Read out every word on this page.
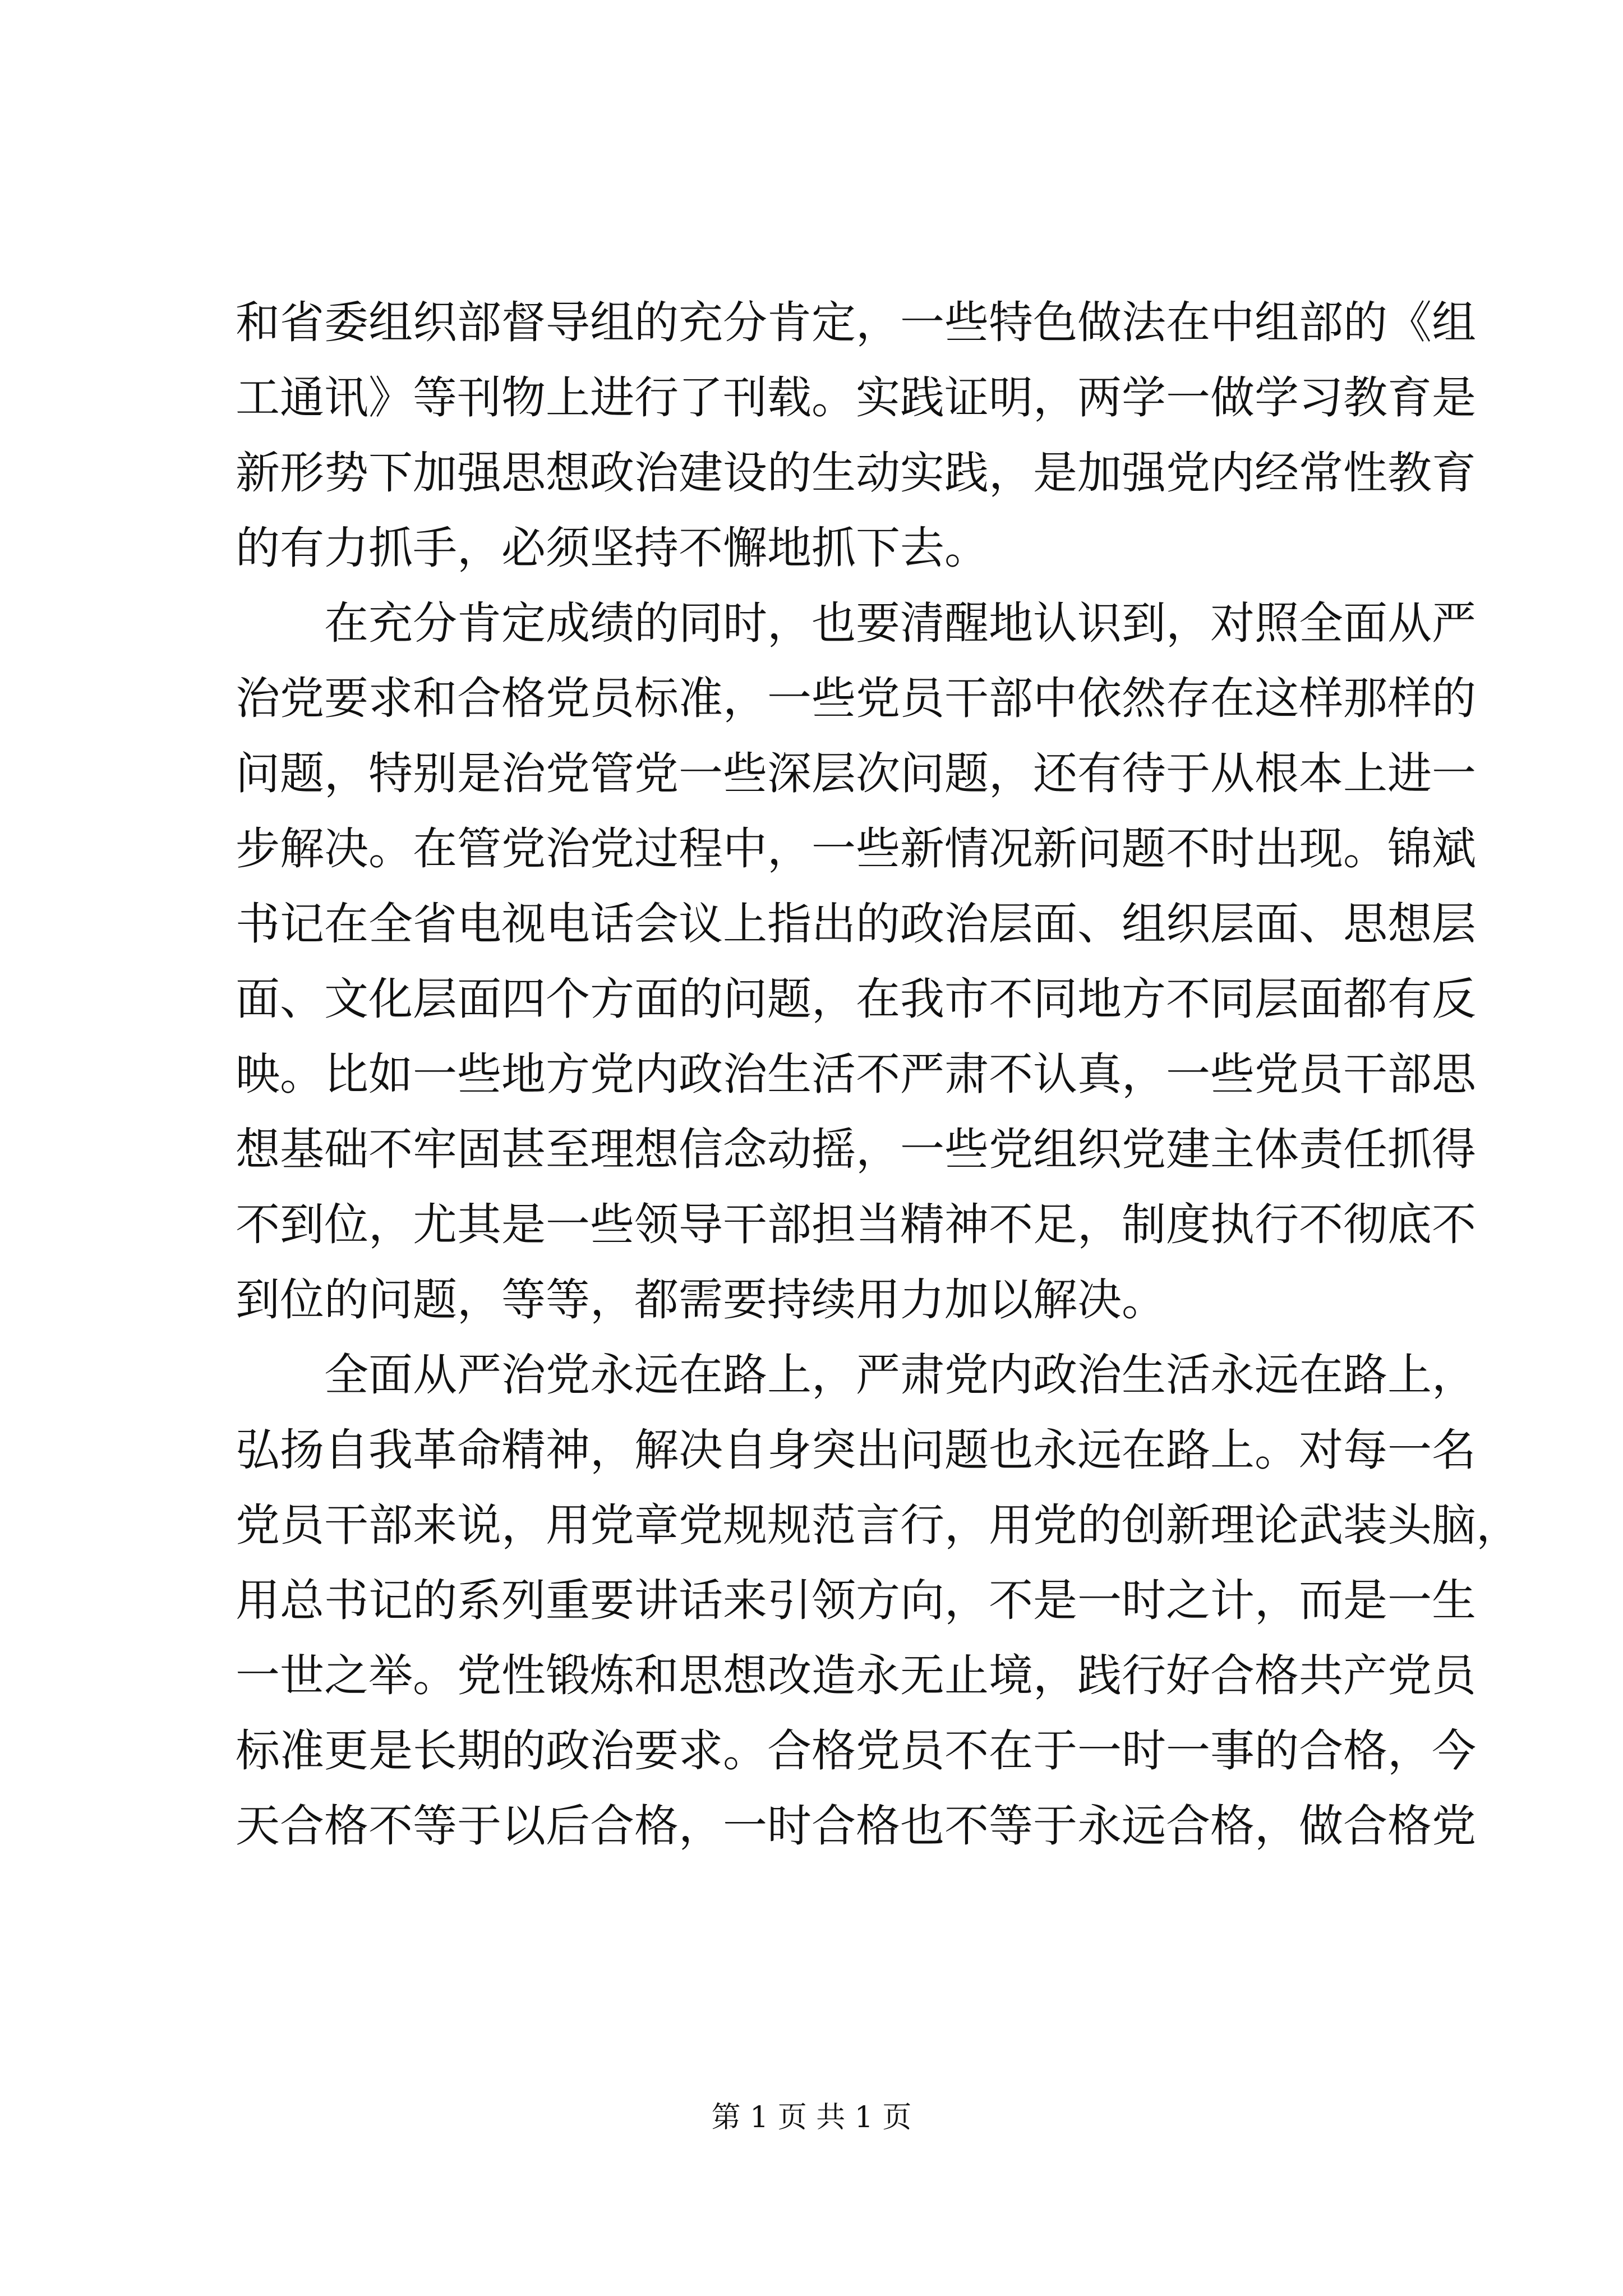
和省委组织部督导组的充分肯定，一些特色做法在中组部的《组
工通讯》等刊物上进行了刊载。实践证明，两学一做学习教育是
新形势下加强思想政治建设的生动实践，是加强党内经常性教育
的有力抓手，必须坚持不懈地抓下去。
在充分肯定成绩的同时，也要清醒地认识到，对照全面从严
治党要求和合格党员标准，一些党员干部中依然存在这样那样的
问题，特别是治党管党一些深层次问题，还有待于从根本上进一
步解决。在管党治党过程中，一些新情况新问题不时出现。锦斌
书记在全省电视电话会议上指出的政治层面、组织层面、思想层
面、文化层面四个方面的问题，在我市不同地方不同层面都有反
映。比如一些地方党内政治生活不严肃不认真，一些党员干部思
想基础不牢固甚至理想信念动摇，一些党组织党建主体责任抓得
不到位，尤其是一些领导干部担当精神不足，制度执行不彻底不
到位的问题，等等，都需要持续用力加以解决。
全面从严治党永远在路上，严肃党内政治生活永远在路上，
弘扬自我革命精神，解决自身突出问题也永远在路上。对每一名
党员干部来说，用党章党规规范言行，用党的创新理论武装头脑，
用总书记的系列重要讲话来引领方向，不是一时之计，而是一生
一世之举。党性锻炼和思想改造永无止境，践行好合格共产党员
标准更是长期的政治要求。合格党员不在于一时一事的合格，今
天合格不等于以后合格，一时合格也不等于永远合格，做合格党
第 1 页 共 1 页
